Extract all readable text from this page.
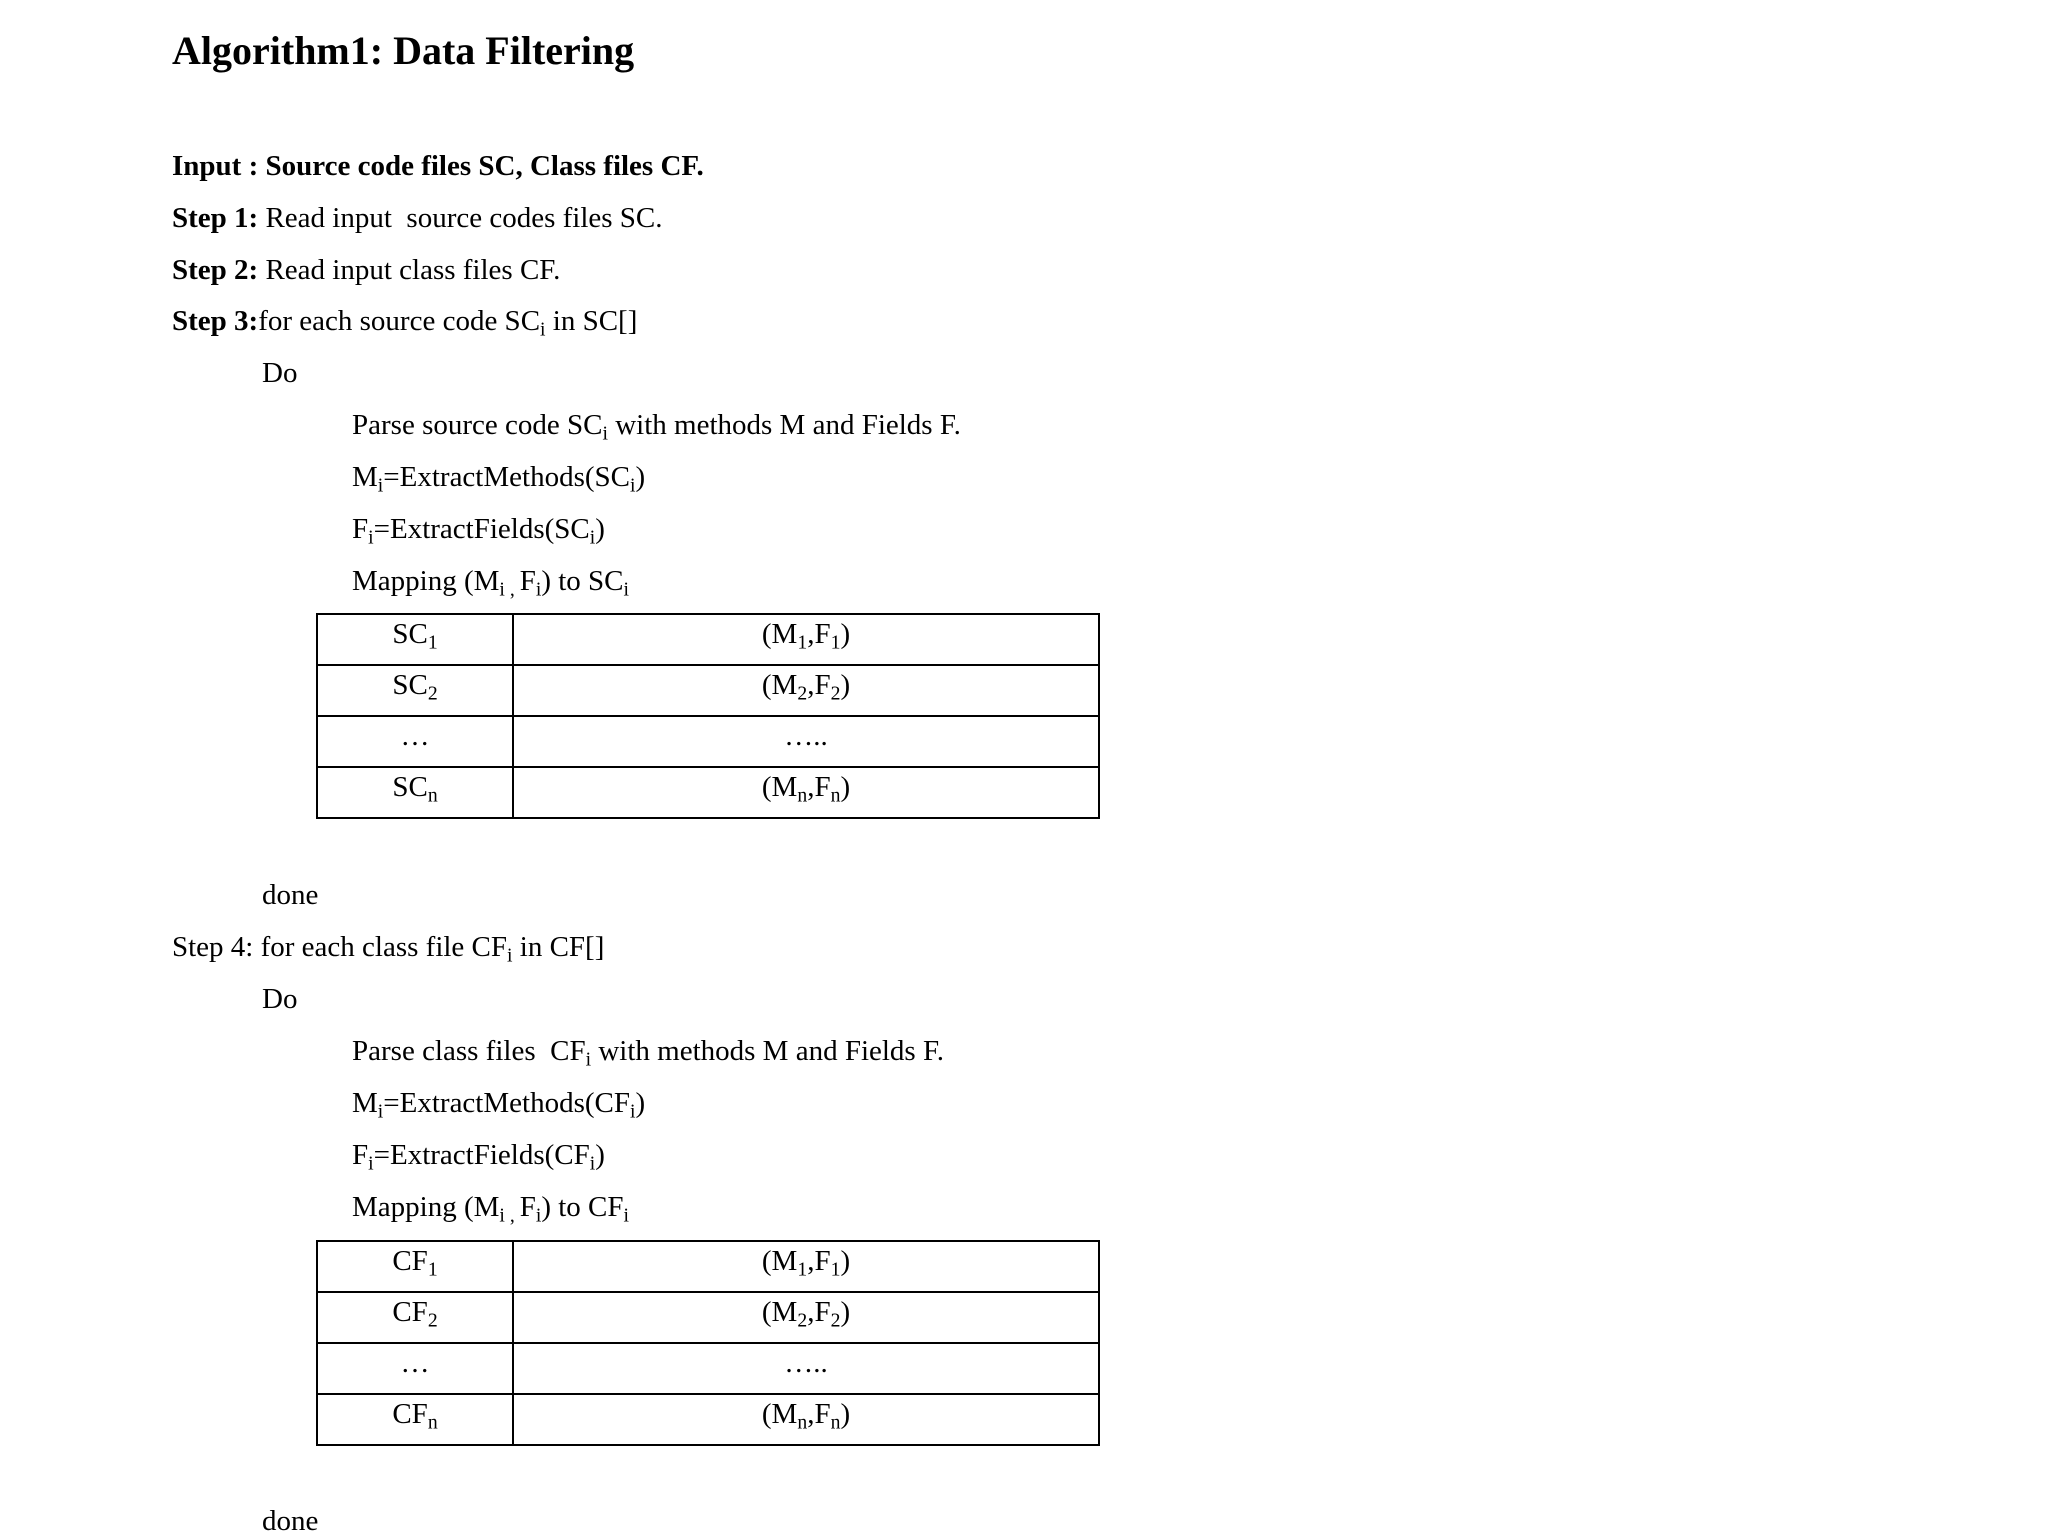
Algorithm1: Data Filtering
Input : Source code files SC, Class files CF.
Step 1: Read input  source codes files SC.
Step 2: Read input class files CF.
Step 3:for each source code $SC_i$ in SC[]
Do
Parse source code $SC_i$ with methods M and Fields F.
$M_i=ExtractMethods(SC_i)$
$F_i=ExtractFields(SC_i)$
Mapping ($M_{i ,}$ $F_i$) to $SC_i$
$SC_1$	$(M_1,F_1)$
$SC_2$	$(M_2,F_2)$
…	…..
$SC_n$	$(M_n,F_n)$
done
Step 4: for each class file $CF_i$ in CF[]
Do
Parse class files  $CF_i$ with methods M and Fields F.
$M_i=ExtractMethods(CF_i)$
$F_i=ExtractFields(CF_i)$
Mapping ($M_{i ,}$ $F_i$) to $CF_i$
$CF_1$	$(M_1,F_1)$
$CF_2$	$(M_2,F_2)$
…	…..
$CF_n$	$(M_n,F_n)$
done
